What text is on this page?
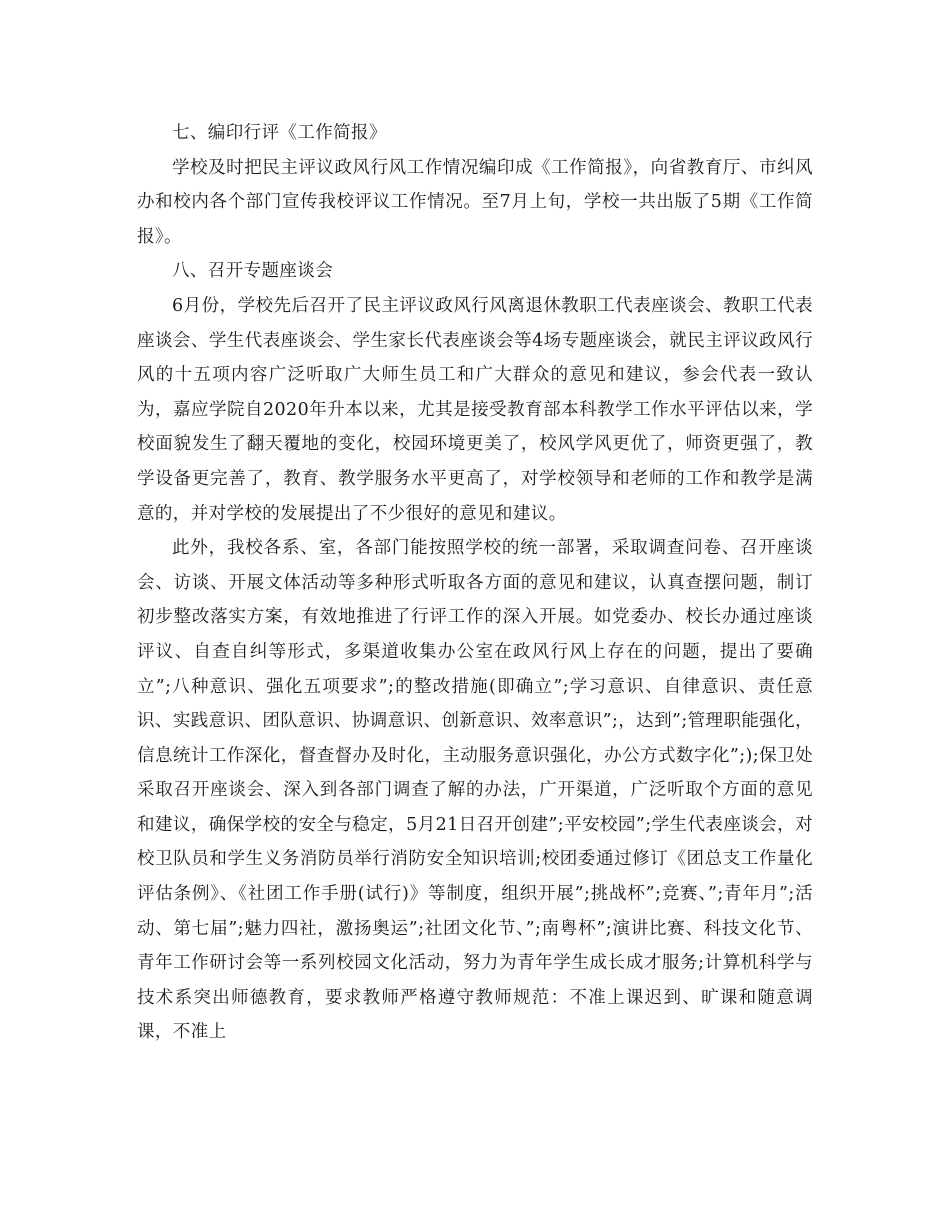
七、编印行评《工作简报》

学校及时把民主评议政风行风工作情况编印成《工作简报》，向省教育厅、市纠风办和校内各个部门宣传我校评议工作情况。至7月上旬，学校一共出版了5期《工作简报》。

八、召开专题座谈会

6月份，学校先后召开了民主评议政风行风离退休教职工代表座谈会、教职工代表座谈会、学生代表座谈会、学生家长代表座谈会等4场专题座谈会，就民主评议政风行风的十五项内容广泛听取广大师生员工和广大群众的意见和建议，参会代表一致认为，嘉应学院自2020年升本以来，尤其是接受教育部本科教学工作水平评估以来，学校面貌发生了翻天覆地的变化，校园环境更美了，校风学风更优了，师资更强了，教学设备更完善了，教育、教学服务水平更高了，对学校领导和老师的工作和教学是满意的，并对学校的发展提出了不少很好的意见和建议。

此外，我校各系、室，各部门能按照学校的统一部署，采取调查问卷、召开座谈会、访谈、开展文体活动等多种形式听取各方面的意见和建议，认真查摆问题，制订初步整改落实方案，有效地推进了行评工作的深入开展。如党委办、校长办通过座谈评议、自查自纠等形式，多渠道收集办公室在政风行风上存在的问题，提出了要确立”;八种意识、强化五项要求”;的整改措施(即确立”;学习意识、自律意识、责任意识、实践意识、团队意识、协调意识、创新意识、效率意识”;，达到”;管理职能强化，信息统计工作深化，督查督办及时化，主动服务意识强化，办公方式数字化”;);保卫处采取召开座谈会、深入到各部门调查了解的办法，广开渠道，广泛听取个方面的意见和建议，确保学校的安全与稳定，5月21日召开创建”;平安校园”;学生代表座谈会，对校卫队员和学生义务消防员举行消防安全知识培训;校团委通过修订《团总支工作量化评估条例》、《社团工作手册(试行)》等制度，组织开展”;挑战杯”;竞赛、”;青年月”;活动、第七届”;魅力四社，激扬奥运”;社团文化节、”;南粤杯”;演讲比赛、科技文化节、青年工作研讨会等一系列校园文化活动，努力为青年学生成长成才服务;计算机科学与技术系突出师德教育，要求教师严格遵守教师规范：不准上课迟到、旷课和随意调课，不准上
